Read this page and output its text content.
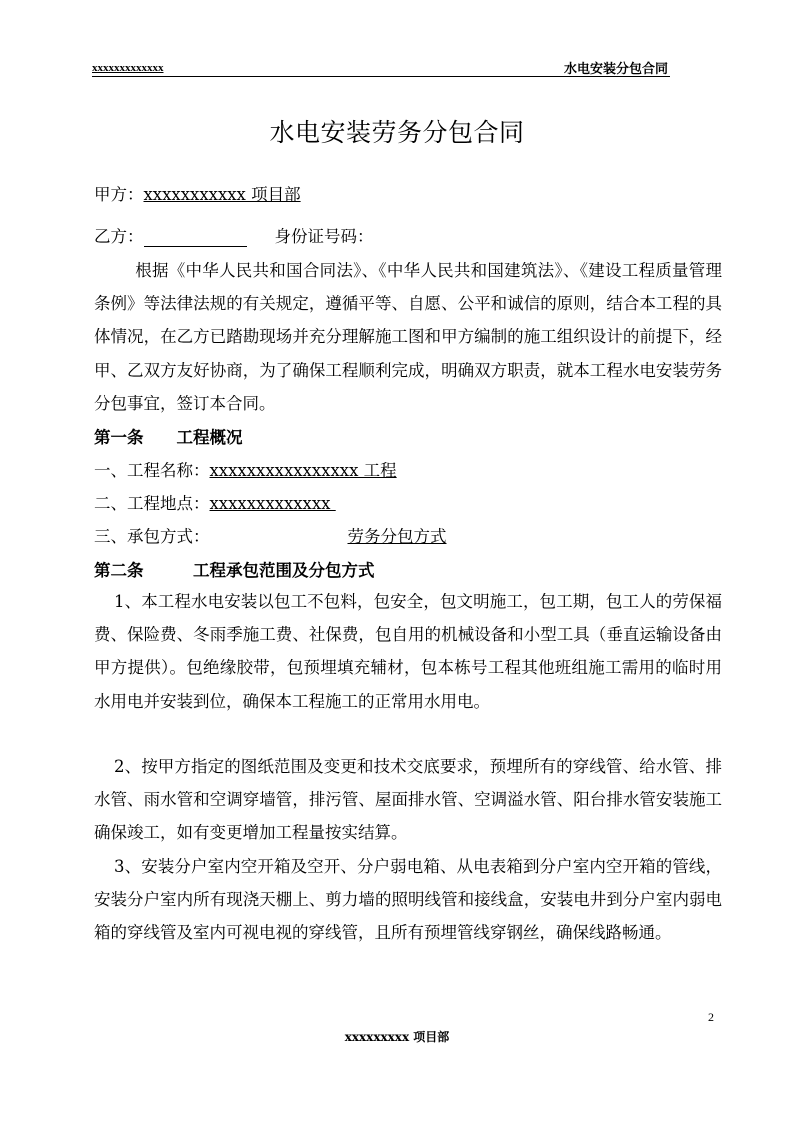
xxxxxxxxxxxxx	水电安装分包合同
水电安装劳务分包合同
甲方：xxxxxxxxxxx 项目部
乙方：	身份证号码：
根据《中华人民共和国合同法》、《中华人民共和国建筑法》、《建设工程质量管理条例》等法律法规的有关规定，遵循平等、自愿、公平和诚信的原则，结合本工程的具体情况，在乙方已踏勘现场并充分理解施工图和甲方编制的施工组织设计的前提下，经甲、乙双方友好协商，为了确保工程顺利完成，明确双方职责，就本工程水电安装劳务分包事宜，签订本合同。
第一条　　工程概况
一、工程名称：xxxxxxxxxxxxxxxx 工程
二、工程地点：xxxxxxxxxxxxx
三、承包方式：	劳务分包方式
第二条　　　工程承包范围及分包方式
1、本工程水电安装以包工不包料，包安全，包文明施工，包工期，包工人的劳保福费、保险费、冬雨季施工费、社保费，包自用的机械设备和小型工具（垂直运输设备由甲方提供）。包绝缘胶带，包预埋填充辅材，包本栋号工程其他班组施工需用的临时用水用电并安装到位，确保本工程施工的正常用水用电。
2、按甲方指定的图纸范围及变更和技术交底要求，预埋所有的穿线管、给水管、排水管、雨水管和空调穿墙管，排污管、屋面排水管、空调溢水管、阳台排水管安装施工确保竣工，如有变更增加工程量按实结算。
3、安装分户室内空开箱及空开、分户弱电箱、从电表箱到分户室内空开箱的管线，安装分户室内所有现浇天棚上、剪力墙的照明线管和接线盒，安装电井到分户室内弱电箱的穿线管及室内可视电视的穿线管，且所有预埋管线穿钢丝，确保线路畅通。
2
xxxxxxxxx 项目部
